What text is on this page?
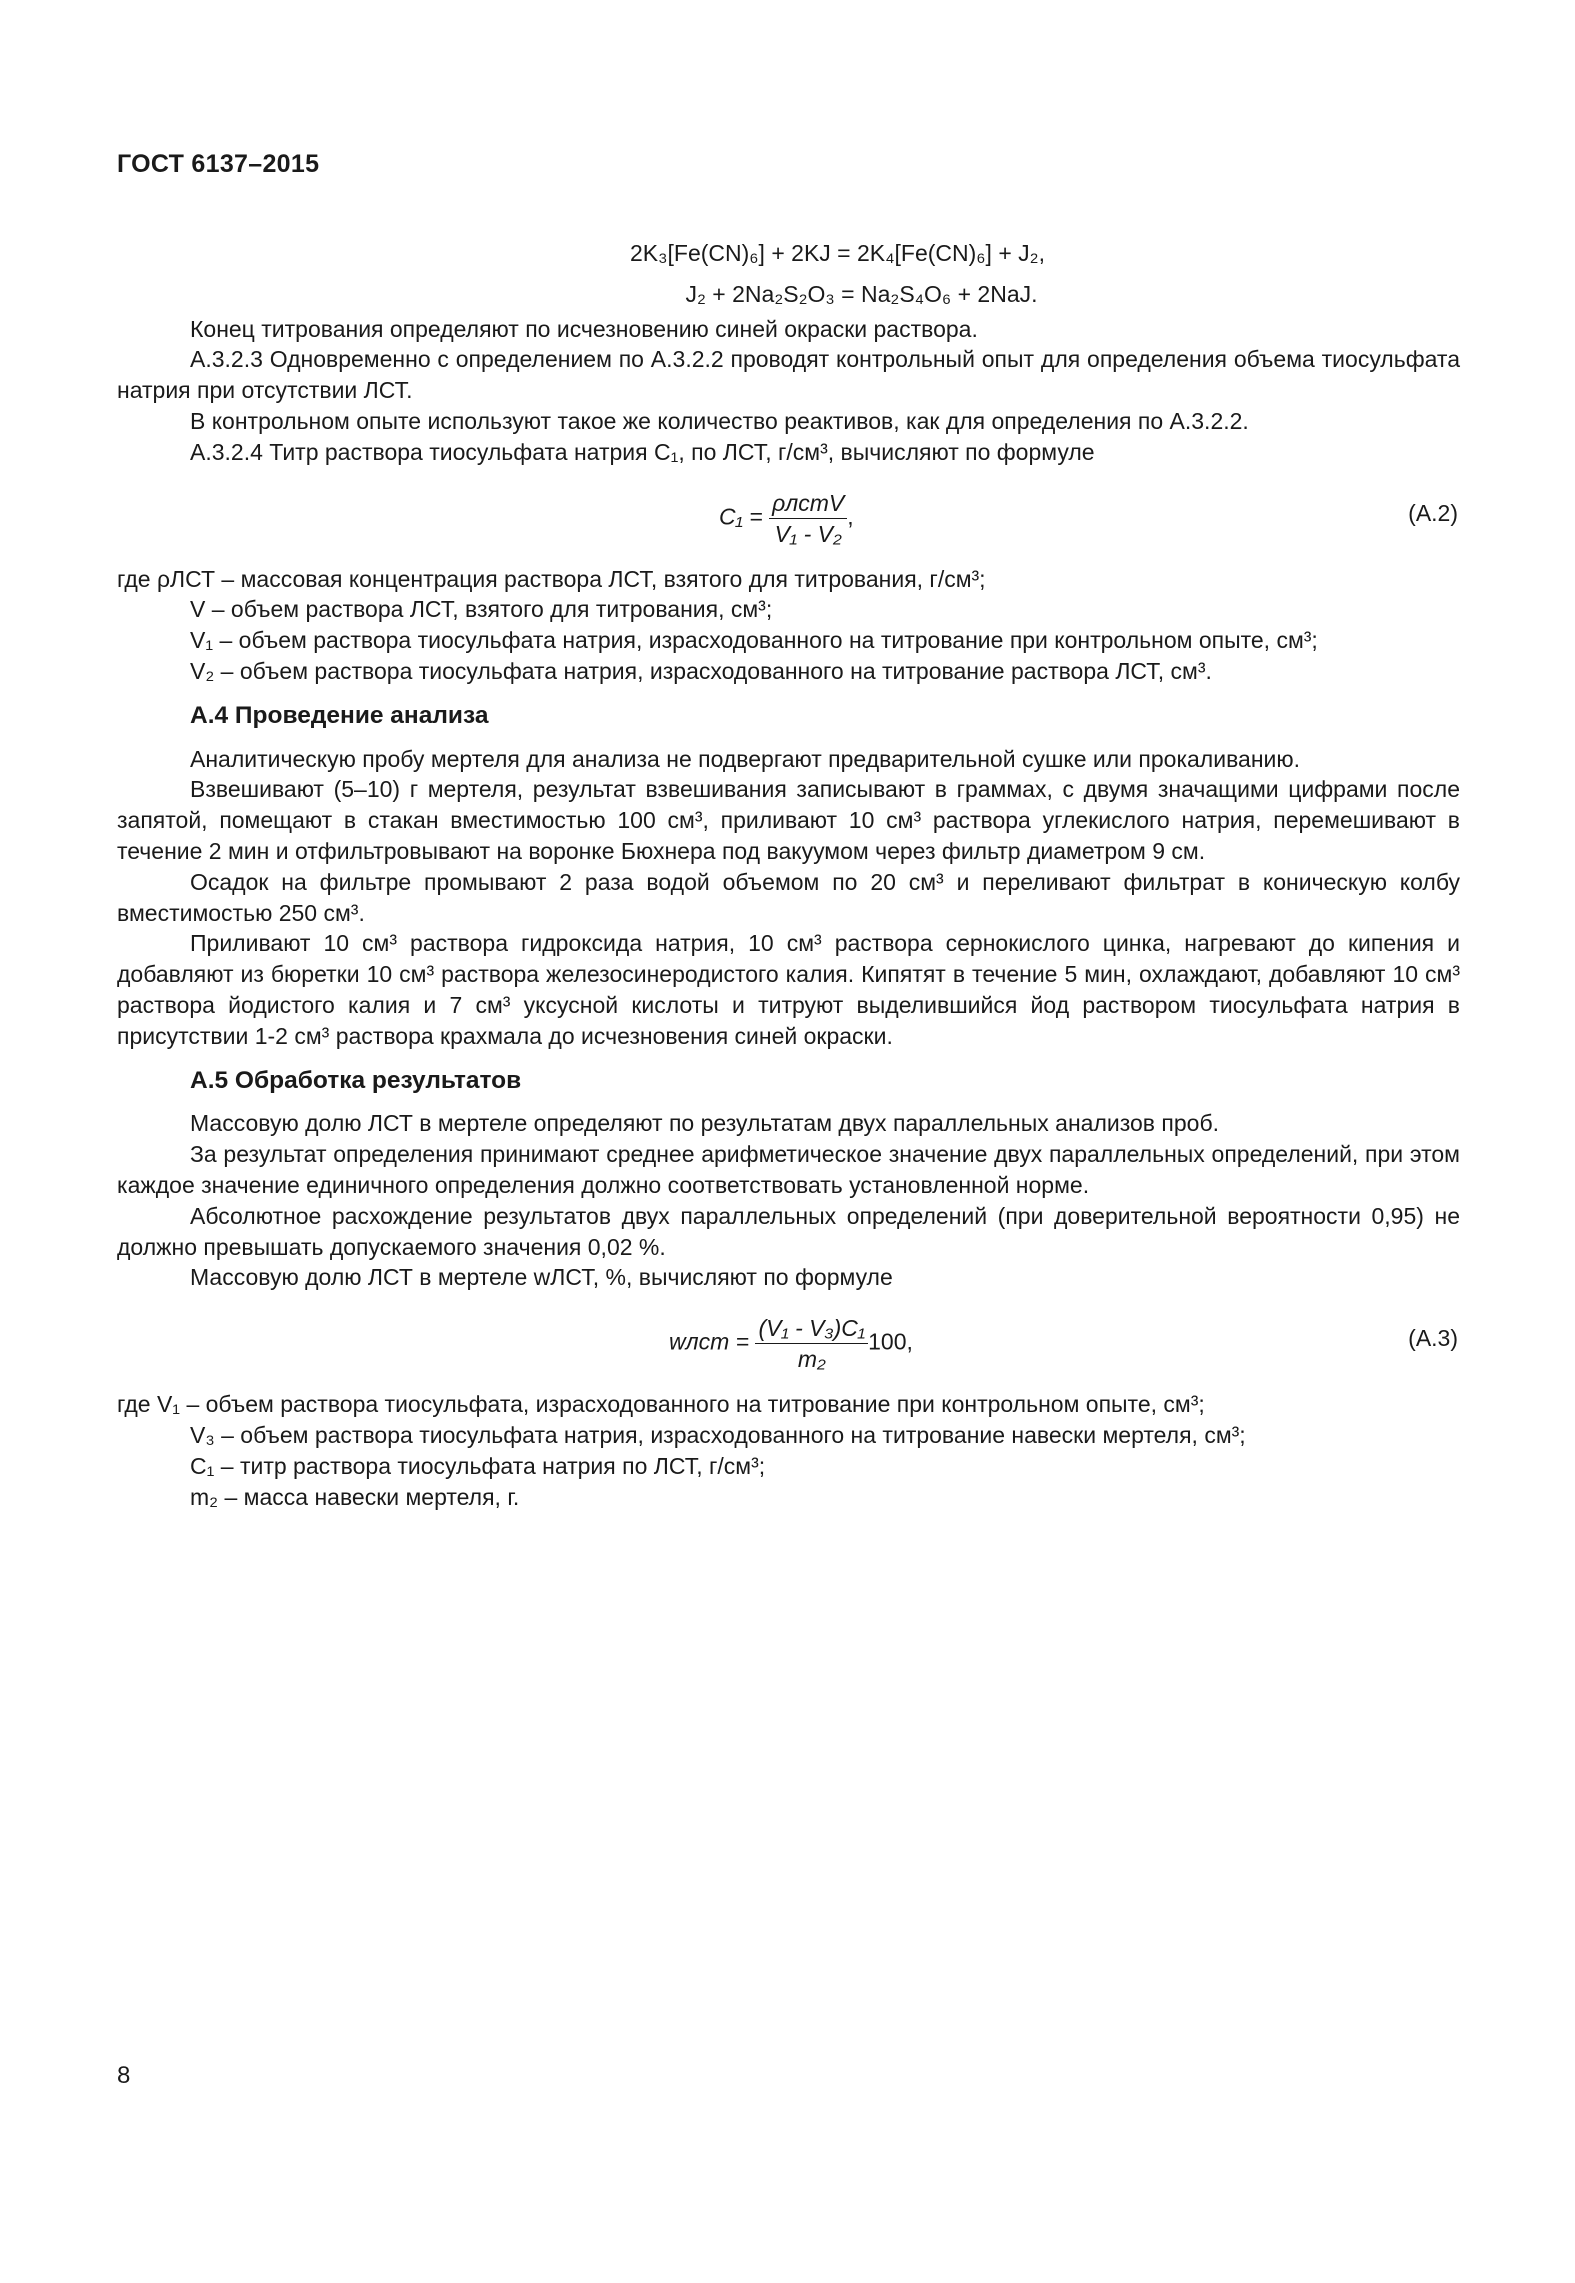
ГОСТ 6137–2015

2K₃[Fe(CN)₆] + 2KJ = 2K₄[Fe(CN)₆] + J₂,

J₂ + 2Na₂S₂O₃ = Na₂S₄O₆ + 2NaJ.

Конец титрования определяют по исчезновению синей окраски раствора.

А.3.2.3 Одновременно с определением по А.3.2.2 проводят контрольный опыт для определения объема тиосульфата натрия при отсутствии ЛСТ.

В контрольном опыте используют такое же количество реактивов, как для определения по А.3.2.2.

А.3.2.4 Титр раствора тиосульфата натрия C₁, по ЛСТ, г/см³, вычисляют по формуле

$C_1 = \frac{\text{ρлстV}}{\text{V₁ - V₂}}$ ,	(А.2)

где ρЛСТ – массовая концентрация раствора ЛСТ, взятого для титрования, г/см³;

V – объем раствора ЛСТ, взятого для титрования, см³;

V₁ – объем раствора тиосульфата натрия, израсходованного на титрование при контрольном опыте, см³;

V₂ – объем раствора тиосульфата натрия, израсходованного на титрование раствора ЛСТ, см³.

А.4 Проведение анализа

Аналитическую пробу мертеля для анализа не подвергают предварительной сушке или прокаливанию.

Взвешивают (5–10) г мертеля, результат взвешивания записывают в граммах, с двумя значащими цифрами после запятой, помещают в стакан вместимостью 100 см³, приливают 10 см³ раствора углекислого натрия, перемешивают в течение 2 мин и отфильтровывают на воронке Бюхнера под вакуумом через фильтр диаметром 9 см.

Осадок на фильтре промывают 2 раза водой объемом по 20 см³ и переливают фильтрат в коническую колбу вместимостью 250 см³.

Приливают 10 см³ раствора гидроксида натрия, 10 см³ раствора сернокислого цинка, нагревают до кипения и добавляют из бюретки 10 см³ раствора железосинеродистого калия. Кипятят в течение 5 мин, охлаждают, добавляют 10 см³ раствора йодистого калия и 7 см³ уксусной кислоты и титруют выделившийся йод раствором тиосульфата натрия в присутствии 1-2 см³ раствора крахмала до исчезновения синей окраски.

А.5 Обработка результатов

Массовую долю ЛСТ в мертеле определяют по результатам двух параллельных анализов проб.

За результат определения принимают среднее арифметическое значение двух параллельных определений, при этом каждое значение единичного определения должно соответствовать установленной норме.

Абсолютное расхождение результатов двух параллельных определений (при доверительной вероятности 0,95) не должно превышать допускаемого значения 0,02 %.

Массовую долю ЛСТ в мертеле wЛСТ, %, вычисляют по формуле

wлст = $\frac{\text{(V₁ - V₃)C₁}}{\text{m₂}} 100$,	(А.3)

где V₁ – объем раствора тиосульфата, израсходованного на титрование при контрольном опыте, см³;

V₃ – объем раствора тиосульфата натрия, израсходованного на титрование навески мертеля, см³;

C₁ – титр раствора тиосульфата натрия по ЛСТ, г/см³;

m₂ – масса навески мертеля, г.

8
